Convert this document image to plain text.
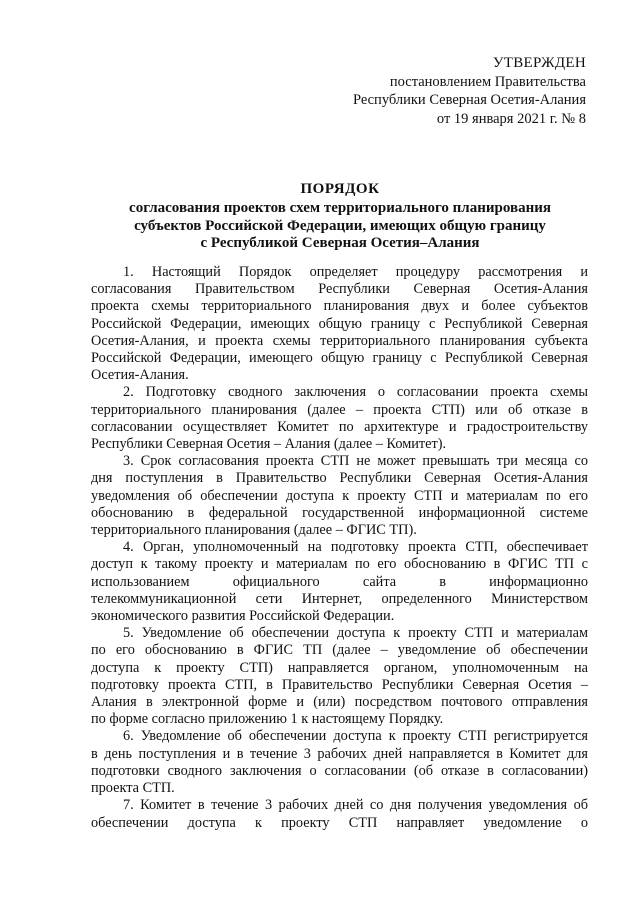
УТВЕРЖДЕН
постановлением Правительства
Республики Северная Осетия-Алания
от 19 января 2021 г. № 8
ПОРЯДОК
согласования проектов схем территориального планирования
субъектов Российской Федерации, имеющих общую границу
с Республикой Северная Осетия–Алания
1. Настоящий Порядок определяет процедуру рассмотрения и
согласования Правительством Республики Северная Осетия-Алания
проекта схемы территориального планирования двух и более субъектов
Российской Федерации, имеющих общую границу с Республикой Северная
Осетия-Алания, и проекта схемы территориального планирования субъекта
Российской Федерации, имеющего общую границу с Республикой Северная
Осетия-Алания.
2. Подготовку сводного заключения о согласовании проекта схемы
территориального планирования (далее – проекта СТП) или об отказе в
согласовании осуществляет Комитет по архитектуре и градостроительству
Республики Северная Осетия – Алания (далее – Комитет).
3. Срок согласования проекта СТП не может превышать три месяца со
дня поступления в Правительство Республики Северная Осетия-Алания
уведомления об обеспечении доступа к проекту СТП и материалам по его
обоснованию в федеральной государственной информационной системе
территориального планирования (далее – ФГИС ТП).
4. Орган, уполномоченный на подготовку проекта СТП, обеспечивает
доступ к такому проекту и материалам по его обоснованию в ФГИС ТП с
использованием официального сайта в информационно
телекоммуникационной сети Интернет, определенного Министерством
экономического развития Российской Федерации.
5. Уведомление об обеспечении доступа к проекту СТП и материалам
по его обоснованию в ФГИС ТП (далее – уведомление об обеспечении
доступа к проекту СТП) направляется органом, уполномоченным на
подготовку проекта СТП, в Правительство Республики Северная Осетия –
Алания в электронной форме и (или) посредством почтового отправления
по форме согласно приложению 1 к настоящему Порядку.
6. Уведомление об обеспечении доступа к проекту СТП регистрируется
в день поступления и в течение 3 рабочих дней направляется в Комитет для
подготовки сводного заключения о согласовании (об отказе в согласовании)
проекта СТП.
7. Комитет в течение 3 рабочих дней со дня получения уведомления об
обеспечении доступа к проекту СТП направляет уведомление о
